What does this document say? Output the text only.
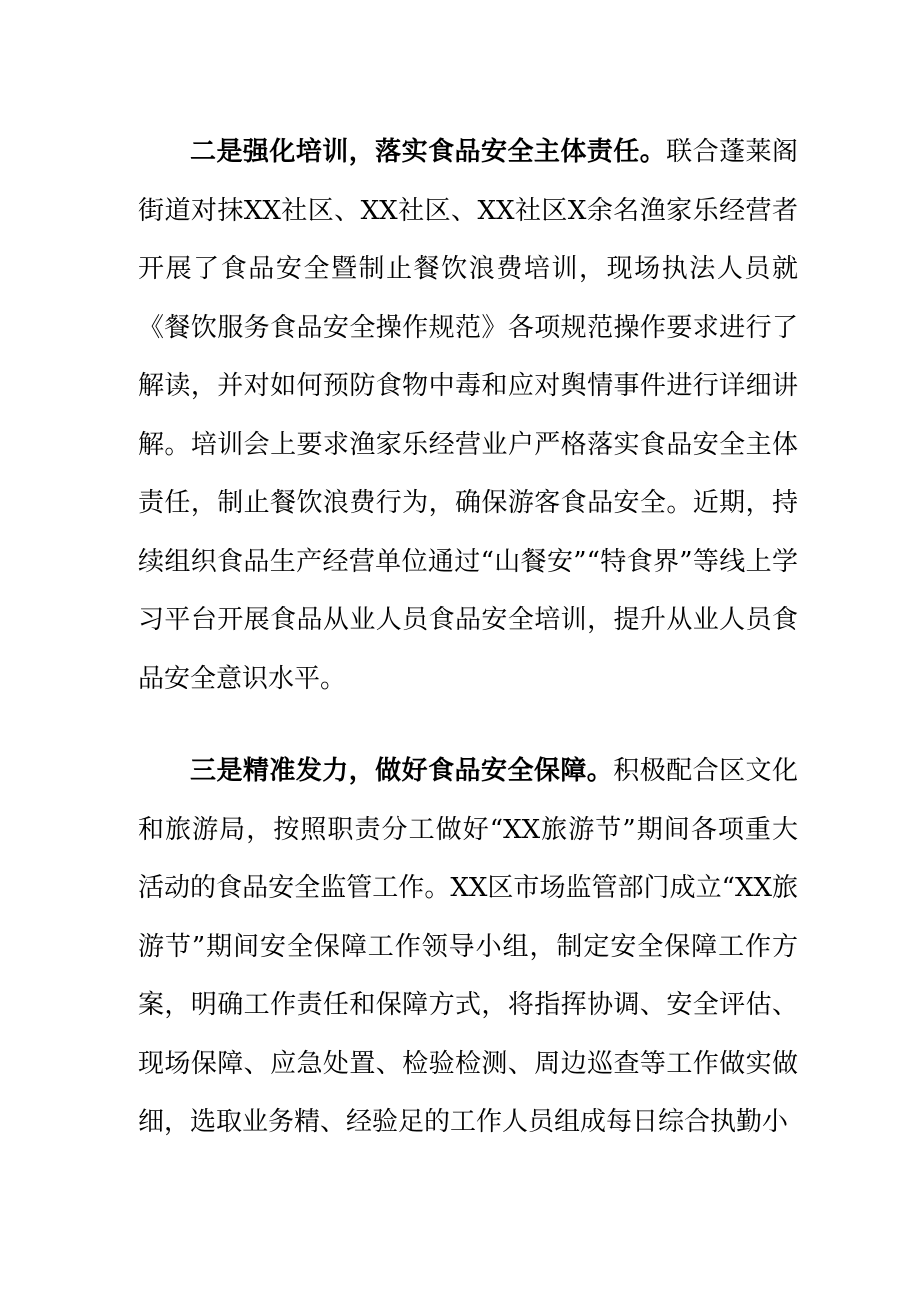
二是强化培训，落实食品安全主体责任。联合蓬莱阁街道对抹XX社区、XX社区、XX社区X余名渔家乐经营者开展了食品安全暨制止餐饮浪费培训，现场执法人员就《餐饮服务食品安全操作规范》各项规范操作要求进行了解读，并对如何预防食物中毒和应对舆情事件进行详细讲解。培训会上要求渔家乐经营业户严格落实食品安全主体责任，制止餐饮浪费行为，确保游客食品安全。近期，持续组织食品生产经营单位通过“山餐安”“特食界”等线上学习平台开展食品从业人员食品安全培训，提升从业人员食品安全意识水平。

三是精准发力，做好食品安全保障。积极配合区文化和旅游局，按照职责分工做好“XX旅游节”期间各项重大活动的食品安全监管工作。XX区市场监管部门成立“XX旅游节”期间安全保障工作领导小组，制定安全保障工作方案，明确工作责任和保障方式，将指挥协调、安全评估、现场保障、应急处置、检验检测、周边巡查等工作做实做细，选取业务精、经验足的工作人员组成每日综合执勤小
